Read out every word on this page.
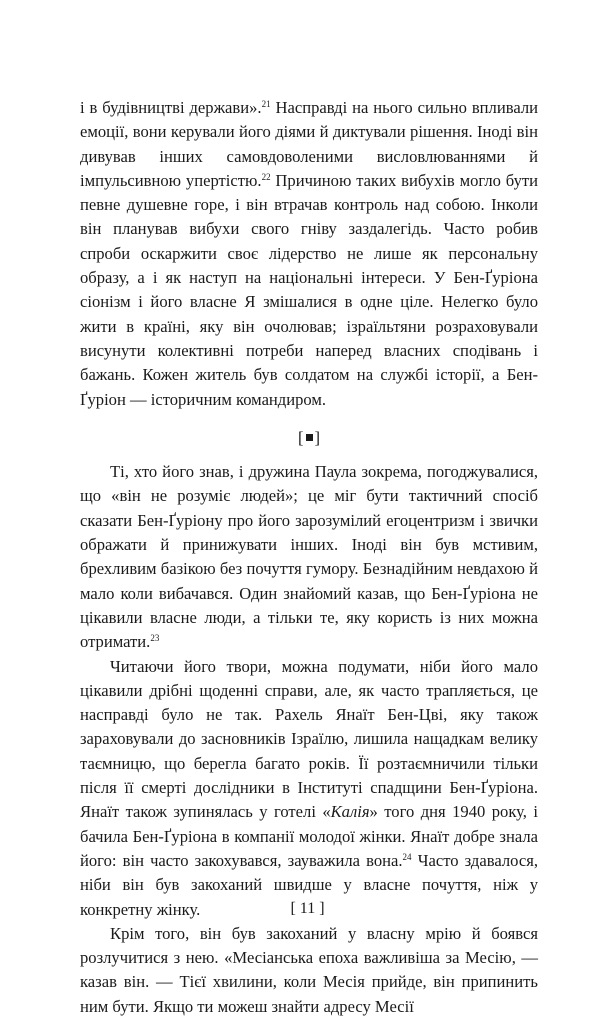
і в будівництві держави».$^{21}$ Насправді на нього сильно впливали емоції, вони керували його діями й диктували рішення. Іноді він дивував інших самовдоволеними висловлюваннями й імпульсивною упертістю.$^{22}$ Причиною таких вибухів могло бути певне душевне горе, і він втрачав контроль над собою. Інколи він планував вибухи свого гніву заздалегідь. Часто робив спроби оскаржити своє лідерство не лише як персональну образу, а і як наступ на національні інтереси. У Бен-Ґуріона сіонізм і його власне Я змішалися в одне ціле. Нелегко було жити в країні, яку він очолював; ізраїльтяни розраховували висунути колективні потреби наперед власних сподівань і бажань. Кожен житель був солдатом на службі історії, а Бен-Ґуріон — історичним командиром.

[ ]

Ті, хто його знав, і дружина Паула зокрема, погоджувалися, що «він не розуміє людей»; це міг бути тактичний спосіб сказати Бен-Ґуріону про його зарозумілий егоцентризм і звички ображати й принижувати інших. Іноді він був мстивим, брехливим базікою без почуття гумору. Безнадійним невдахою й мало коли вибачався. Один знайомий казав, що Бен-Ґуріона не цікавили власне люди, а тільки те, яку користь із них можна отримати.$^{23}$

Читаючи його твори, можна подумати, ніби його мало цікавили дрібні щоденні справи, але, як часто трапляється, це насправді було не так. Рахель Янаїт Бен-Цві, яку також зараховували до засновників Ізраїлю, лишила нащадкам велику таємницю, що берегла багато років. Її розтаємничили тільки після її смерті дослідники в Інституті спадщини Бен-Ґуріона. Янаїт також зупинялась у готелі «Калія» того дня 1940 року, і бачила Бен-Ґуріона в компанії молодої жінки. Янаїт добре знала його: він часто закохувався, зауважила вона.$^{24}$ Часто здавалося, ніби він був закоханий швидше у власне почуття, ніж у конкретну жінку.

Крім того, він був закоханий у власну мрію й боявся розлучитися з нею. «Месіанська епоха важливіша за Месію, — казав він. — Тієї хвилини, коли Месія прийде, він припинить ним бути. Якщо ти можеш знайти адресу Месії

[ 11 ]
